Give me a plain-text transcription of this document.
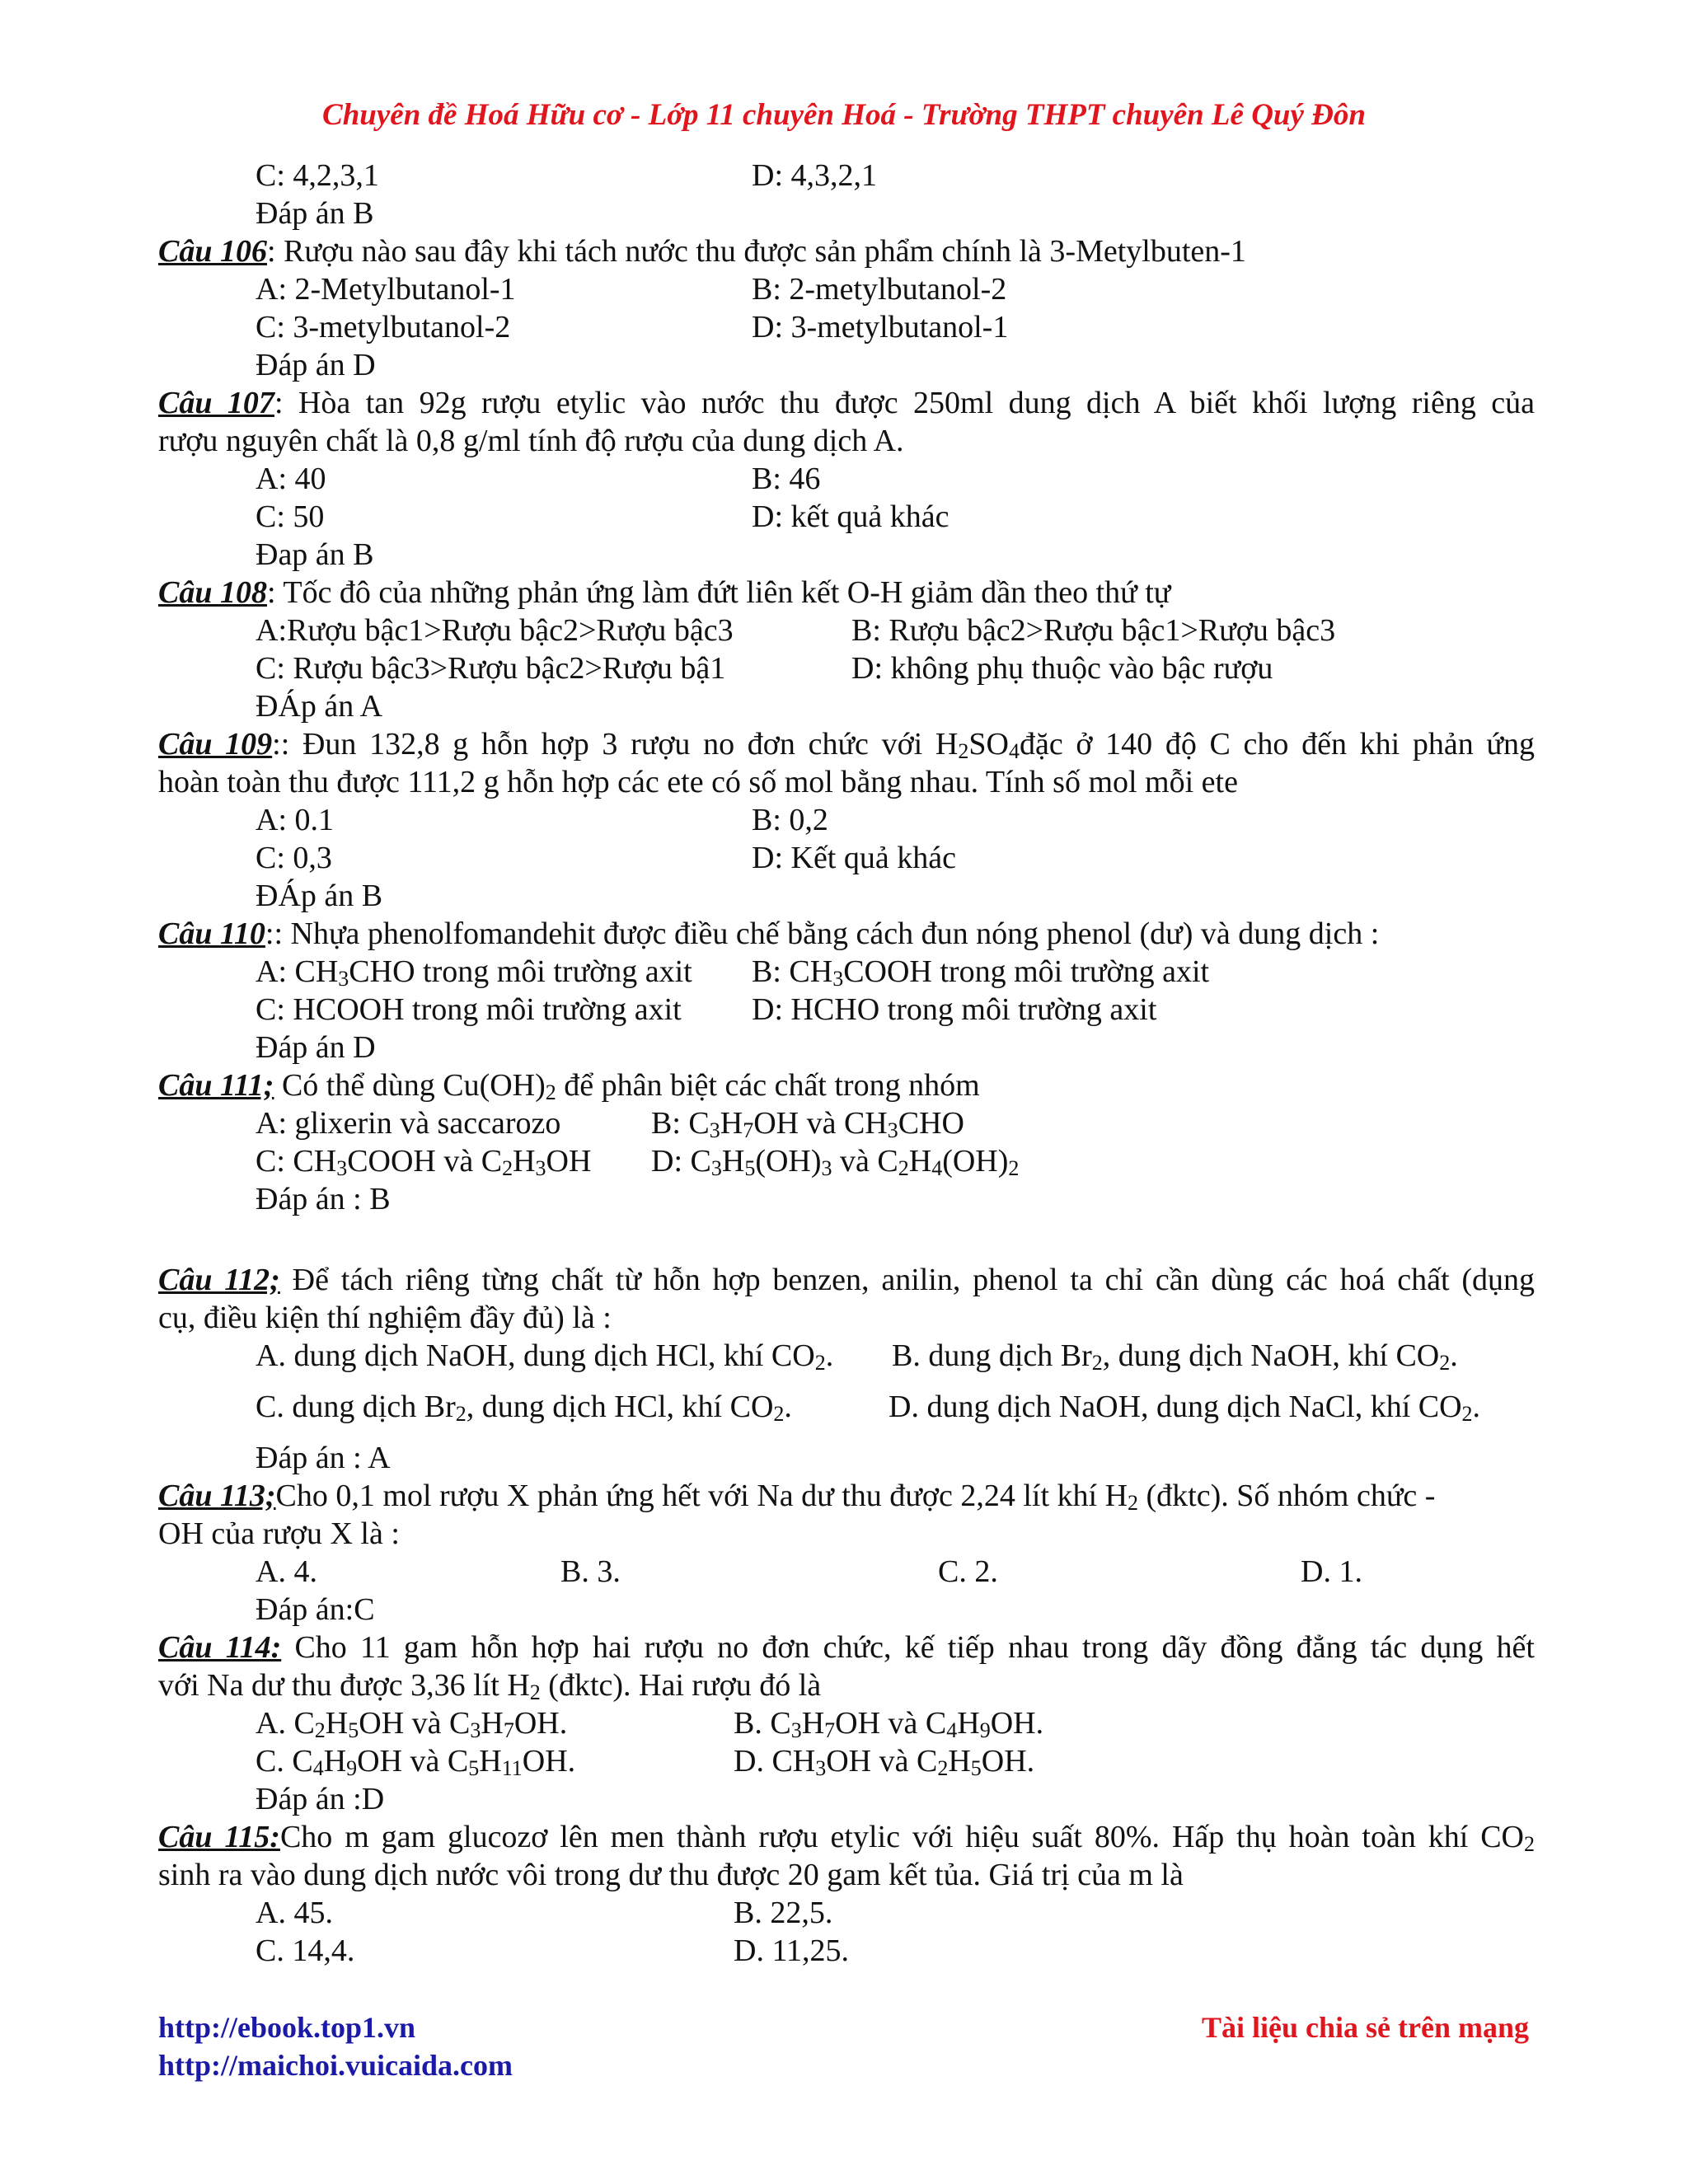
Chuyên đề Hoá Hữu cơ - Lớp 11 chuyên Hoá - Trường THPT chuyên Lê Quý Đôn
C: 4,2,3,1	D: 4,3,2,1
Đáp án B
Câu 106: Rượu nào sau đây khi tách nước thu được sản phẩm chính là 3-Metylbuten-1
A: 2-Metylbutanol-1	B: 2-metylbutanol-2
C: 3-metylbutanol-2	D: 3-metylbutanol-1
Đáp án D
Câu 107: Hòa tan 92g rượu etylic vào nước thu được 250ml dung dịch A biết khối lượng riêng của
rượu nguyên chất là 0,8 g/ml tính độ rượu của dung dịch A.
A: 40	B: 46
C: 50	D: kết quả khác
Đap án B
Câu 108: Tốc đô của những phản ứng làm đứt liên kết O-H giảm dần theo thứ tự
A:Rượu bậc1>Rượu bậc2>Rượu bậc3	B: Rượu bậc2>Rượu bậc1>Rượu bậc3
C: Rượu bậc3>Rượu bậc2>Rượu bậ1	D: không phụ thuộc vào bậc rượu
ĐÁp án A
Câu 109:: Đun 132,8 g hỗn hợp 3 rượu no đơn chức với $H_2SO_4đặc$ ở 140 độ C cho đến khi phản ứng
hoàn toàn thu được 111,2 g hỗn hợp các ete có số mol bằng nhau. Tính số mol mỗi ete
A: 0.1	B: 0,2
C: 0,3	D: Kết quả khác
ĐÁp án B
Câu 110:: Nhựa phenolfomandehit được điều chế bằng cách đun nóng phenol (dư) và dung dịch :
A: $CH_3CHO$ trong môi trường axit B: $CH_3COOH$ trong môi trường axit
C: HCOOH trong môi trường axit D: HCHO trong môi trường axit
Đáp án D
Câu 111; Có thể dùng $Cu(OH)_2$ để phân biệt các chất trong nhóm
A: glixerin và saccarozo	B: $C_3H_7OH$ và $CH_3CHO$
C: $CH_3COOH$ và $C_2H_3OH$ D: $C_3H_5(OH)_3$ và $C_2H_4(OH)_2$
Đáp án : B
Câu 112; Để tách riêng từng chất từ hỗn hợp benzen, anilin, phenol ta chỉ cần dùng các hoá chất (dụng
cụ, điều kiện thí nghiệm đầy đủ) là :
A. dung dịch NaOH, dung dịch HCl, khí $CO_2$. B. dung dịch $Br_2$, dung dịch NaOH, khí $CO_2$.
C. dung dịch $Br_2$, dung dịch HCl, khí $CO_2$.	D. dung dịch NaOH, dung dịch NaCl, khí $CO_2$.
Đáp án : A
Câu 113;Cho 0,1 mol rượu X phản ứng hết với Na dư thu được 2,24 lít khí $H_2$ (đktc). Số nhóm chức -
OH của rượu X là :
A. 4.	B. 3.	C. 2.	D. 1.
Đáp án:C
Câu 114: Cho 11 gam hỗn hợp hai rượu no đơn chức, kế tiếp nhau trong dãy đồng đẳng tác dụng hết
với Na dư thu được 3,36 lít $H_2$ (đktc). Hai rượu đó là
A. $C_2H_5OH$ và $C_3H_7OH$.	B. $C_3H_7OH$ và $C_4H_9OH$.
C. $C_4H_9OH$ và $C_5H_{11}OH$.	D. $CH_3OH$ và $C_2H_5OH$.
Đáp án :D
Câu 115:Cho m gam glucozơ lên men thành rượu etylic với hiệu suất 80%. Hấp thụ hoàn toàn khí $CO_2$
sinh ra vào dung dịch nước vôi trong dư thu được 20 gam kết tủa. Giá trị của m là
A. 45.	B. 22,5.
C. 14,4.	D. 11,25.
http://ebook.top1.vn
http://maichoi.vuicaida.com
Tài liệu chia sẻ trên mạng
